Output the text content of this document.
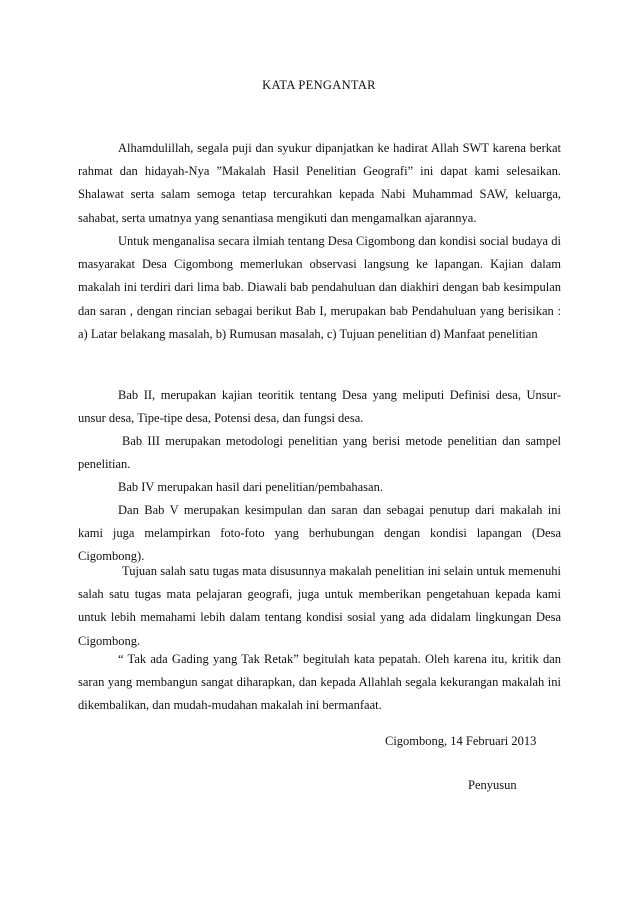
KATA PENGANTAR

Alhamdulillah, segala puji dan syukur dipanjatkan ke hadirat Allah SWT karena berkat rahmat dan hidayah-Nya ”Makalah Hasil Penelitian Geografi” ini dapat kami selesaikan. Shalawat serta salam semoga tetap tercurahkan kepada Nabi Muhammad SAW, keluarga, sahabat, serta umatnya yang senantiasa mengikuti dan mengamalkan ajarannya.

Untuk menganalisa secara ilmiah tentang Desa Cigombong dan kondisi social budaya di masyarakat Desa Cigombong memerlukan observasi langsung ke lapangan. Kajian dalam makalah ini terdiri dari lima bab. Diawali bab pendahuluan dan diakhiri dengan bab kesimpulan dan saran , dengan rincian sebagai berikut Bab I, merupakan bab Pendahuluan yang berisikan : a) Latar belakang masalah, b) Rumusan masalah, c) Tujuan penelitian d) Manfaat penelitian

Bab II, merupakan kajian teoritik tentang Desa yang meliputi Definisi desa, Unsur-unsur desa, Tipe-tipe desa, Potensi desa, dan fungsi desa.

Bab III merupakan metodologi penelitian yang berisi metode penelitian dan sampel penelitian.

Bab IV merupakan hasil dari penelitian/pembahasan.

Dan Bab V merupakan kesimpulan dan saran dan sebagai penutup dari makalah ini kami juga melampirkan foto-foto yang berhubungan dengan kondisi lapangan (Desa Cigombong).

Tujuan salah satu tugas mata disusunnya makalah penelitian ini selain untuk memenuhi salah satu tugas mata pelajaran geografi, juga untuk memberikan pengetahuan kepada kami untuk lebih memahami lebih dalam tentang kondisi sosial yang ada didalam lingkungan Desa Cigombong.

“ Tak ada Gading yang Tak Retak” begitulah kata pepatah. Oleh karena itu, kritik dan saran yang membangun sangat diharapkan, dan kepada Allahlah segala kekurangan makalah ini dikembalikan, dan mudah-mudahan makalah ini bermanfaat.

Cigombong, 14 Februari 2013
Penyusun
